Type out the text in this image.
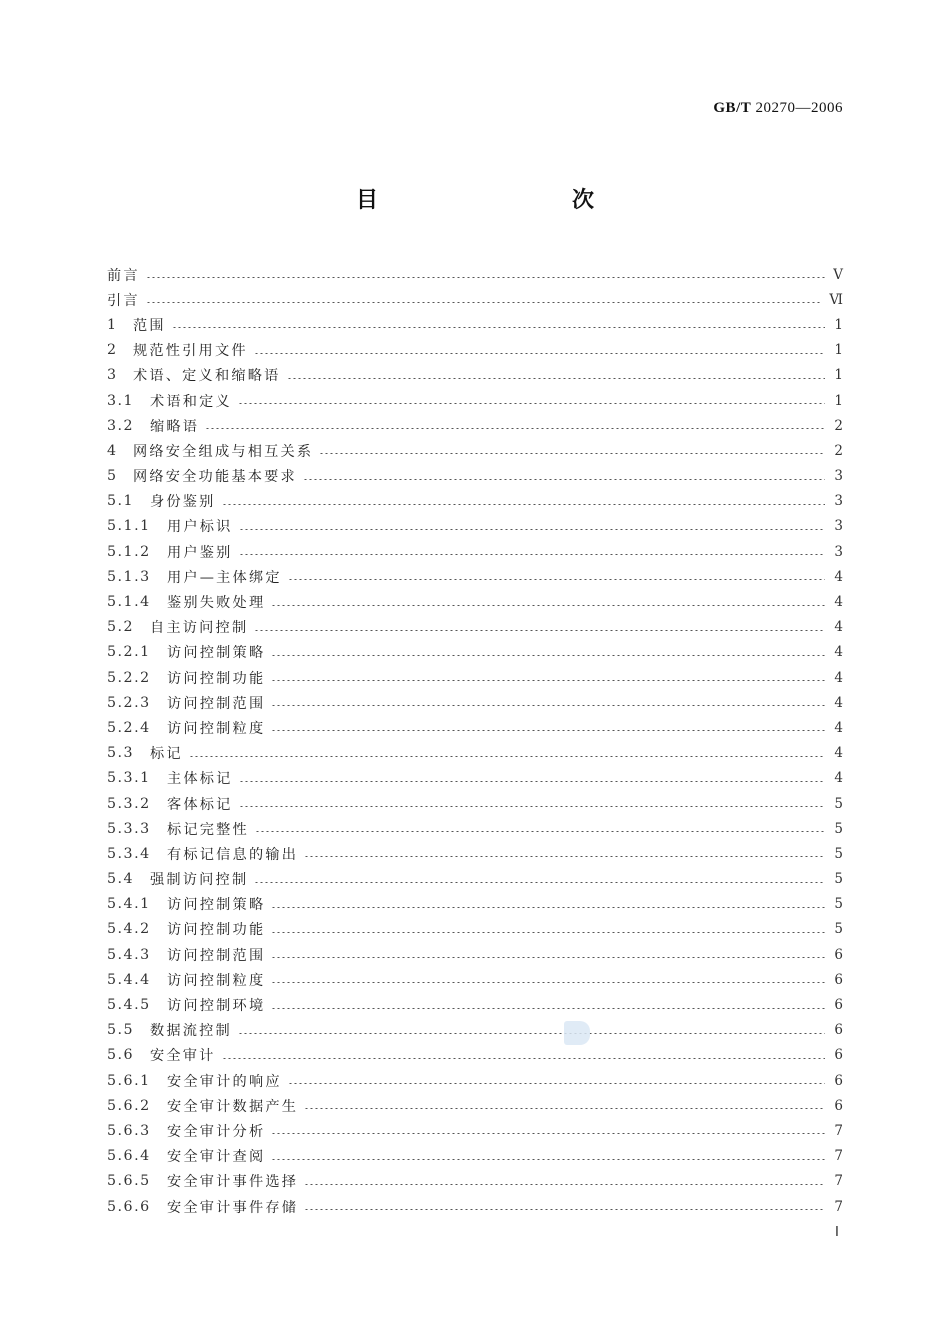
GB/T 20270—2006
目　　次
前言	Ⅴ
引言	Ⅵ
1	范围	1
2	规范性引用文件	1
3	术语、定义和缩略语	1
3.1	术语和定义	1
3.2	缩略语	2
4	网络安全组成与相互关系	2
5	网络安全功能基本要求	3
5.1	身份鉴别	3
5.1.1	用户标识	3
5.1.2	用户鉴别	3
5.1.3	用户—主体绑定	4
5.1.4	鉴别失败处理	4
5.2	自主访问控制	4
5.2.1	访问控制策略	4
5.2.2	访问控制功能	4
5.2.3	访问控制范围	4
5.2.4	访问控制粒度	4
5.3	标记	4
5.3.1	主体标记	4
5.3.2	客体标记	5
5.3.3	标记完整性	5
5.3.4	有标记信息的输出	5
5.4	强制访问控制	5
5.4.1	访问控制策略	5
5.4.2	访问控制功能	5
5.4.3	访问控制范围	6
5.4.4	访问控制粒度	6
5.4.5	访问控制环境	6
5.5	数据流控制	6
5.6	安全审计	6
5.6.1	安全审计的响应	6
5.6.2	安全审计数据产生	6
5.6.3	安全审计分析	7
5.6.4	安全审计查阅	7
5.6.5	安全审计事件选择	7
5.6.6	安全审计事件存储	7
Ⅰ
